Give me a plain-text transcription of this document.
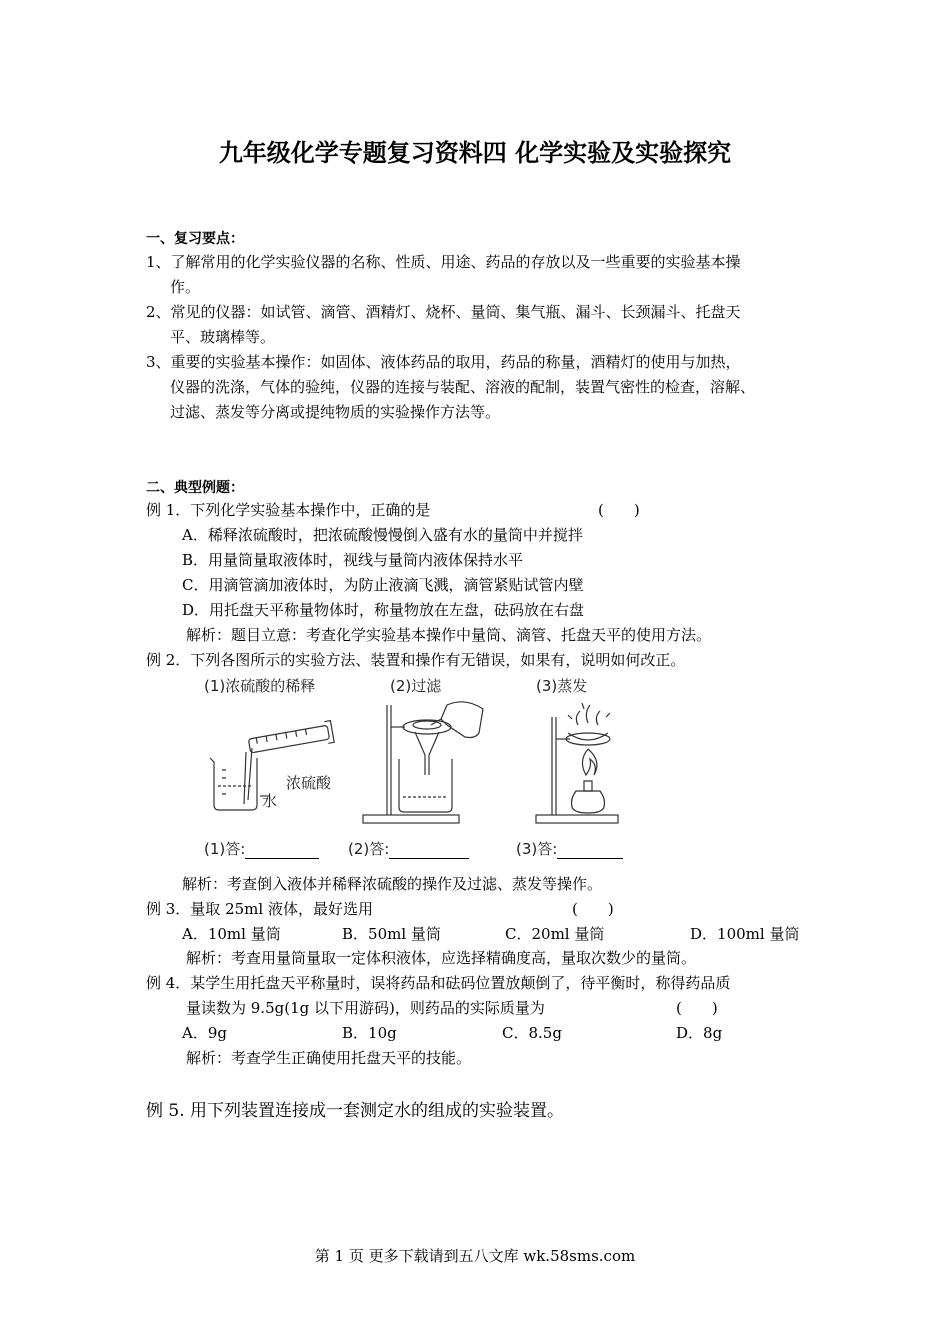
九年级化学专题复习资料四 化学实验及实验探究
一、复习要点：
1、了解常用的化学实验仪器的名称、性质、用途、药品的存放以及一些重要的实验基本操
作。
2、常见的仪器：如试管、滴管、酒精灯、烧杯、量筒、集气瓶、漏斗、长颈漏斗、托盘天
平、玻璃棒等。
3、重要的实验基本操作：如固体、液体药品的取用，药品的称量，酒精灯的使用与加热，
仪器的洗涤，气体的验纯，仪器的连接与装配、溶液的配制，装置气密性的检查，溶解、
过滤、蒸发等分离或提纯物质的实验操作方法等。
二、典型例题：
例 1．下列化学实验基本操作中，正确的是	(　　)
A．稀释浓硫酸时，把浓硫酸慢慢倒入盛有水的量筒中并搅拌
B．用量筒量取液体时，视线与量筒内液体保持水平
C．用滴管滴加液体时，为防止液滴飞溅，滴管紧贴试管内壁
D．用托盘天平称量物体时，称量物放在左盘，砝码放在右盘
解析：题目立意：考查化学实验基本操作中量筒、滴管、托盘天平的使用方法。
例 2．下列各图所示的实验方法、装置和操作有无错误，如果有，说明如何改正。
(1)浓硫酸的稀释	(2)过滤	(3)蒸发
浓硫酸
水
(1)答:	(2)答:	(3)答:
解析：考查倒入液体并稀释浓硫酸的操作及过滤、蒸发等操作。
例 3．量取 25ml 液体，最好选用	(　　)
A．10ml 量筒	B．50ml 量筒	C．20ml 量筒	D．100ml 量筒
解析：考查用量筒量取一定体积液体，应选择精确度高，量取次数少的量筒。
例 4．某学生用托盘天平称量时，误将药品和砝码位置放颠倒了，待平衡时，称得药品质
量读数为 9.5g(1g 以下用游码)，则药品的实际质量为	(　　)
A．9g	B．10g	C．8.5g	D．8g
解析：考查学生正确使用托盘天平的技能。
例 5. 用下列装置连接成一套测定水的组成的实验装置。
第 1 页 更多下载请到五八文库 wk.58sms.com
